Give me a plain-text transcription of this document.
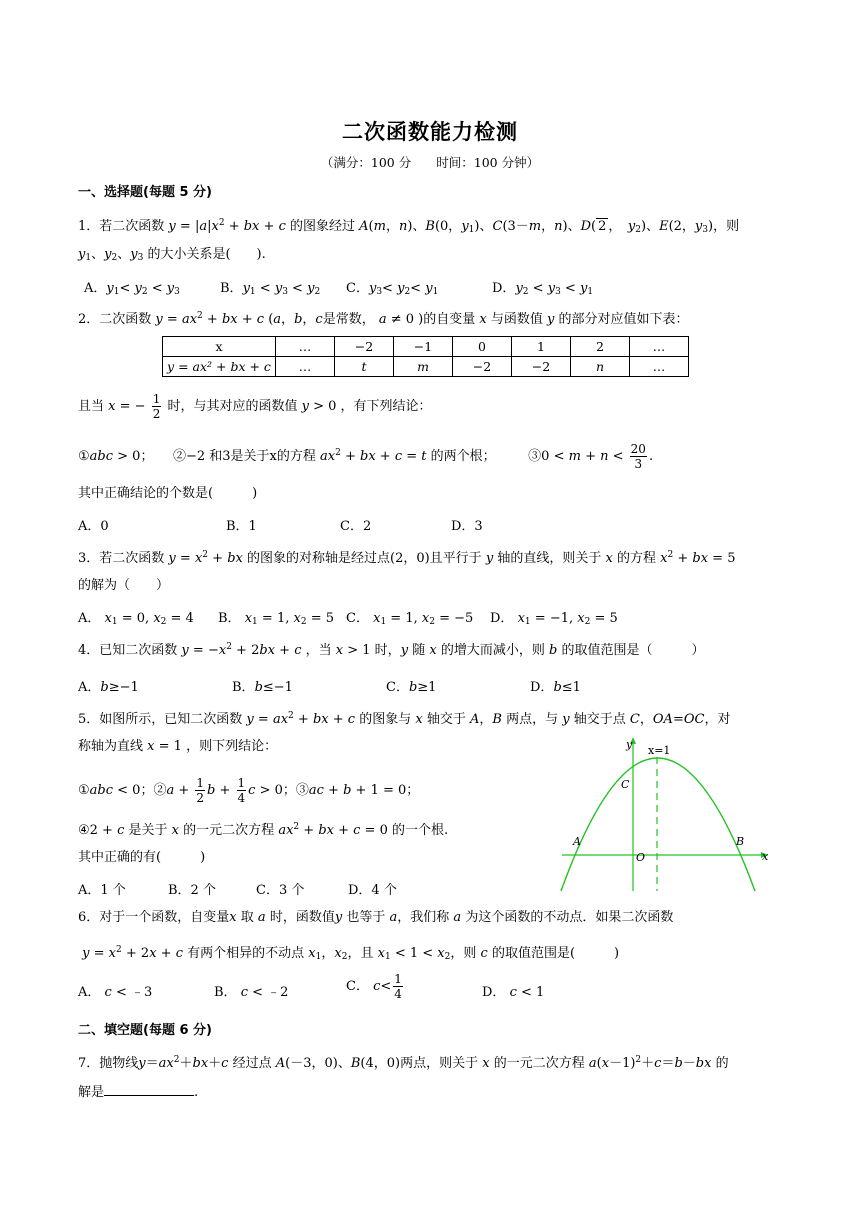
二次函数能力检测
（满分：100 分　　时间：100 分钟）
一、选择题(每题 5 分)
1．若二次函数 $y = |a|x^2$ + bx + c 的图象经过 A(m，n)、B(0，$y_1$)、C(3－m，n)、D( 2 ，　$y_2$)、E(2，$y_3$)，则
$y_1$、$y_2$、$y_3$ 的大小关系是(　　).
A．$y_1< y_2 < y_3$	B．$y_1 < y_3 < y_2$ C．$y_3< y_2< y_1$	D．$y_2 < y_3 < y_1$
2．二次函数 $y = ax^2$ + bx + c (a，b，c是常数， a ≠ 0 )的自变量 x 与函数值 y 的部分对应值如下表：
x	…	−2	−1	0	1	2	…
y = ax² + bx + c	…	t	m	−2	−2	n	…
且当 x = − $\frac{1}{2}$ 时，与其对应的函数值 y > 0 ，有下列结论：
①abc > 0；　　②−2 和3是关于x的方程 $ax^2$ + bx + c = t 的两个根；　　　③0 < $m + n < \frac{20}{3}$ .
其中正确结论的个数是(　　　)
A．0	B．1	C．2	D．3
3．若二次函数 $y = x^2$ + bx 的图象的对称轴是经过点(2，0)且平行于 y 轴的直线，则关于 x 的方程 $x^2$ + bx = 5
的解为（　　）
A． $x_1 = 0$, $x_2 = 4$ B． $x_1 = 1$, $x_2 = 5$ C． $x_1 = 1$, $x_2 = -5$ D． $x_1 = -1$, $x_2 = 5$
4．已知二次函数 $y = -x^2 + 2bx + c$ ，当 x > 1 时，y 随 x 的增大而减小，则 b 的取值范围是（　　　）
A．b≥−1	B．b≤−1	C．b≥1	D．b≤1
5．如图所示，已知二次函数 $y = ax^2$ + bx + c 的图象与 x 轴交于 A，B 两点，与 y 轴交于点 C，OA=OC，对
称轴为直线 x = 1 ，则下列结论：
①abc < 0；②a + $\frac{1}{2}$ $b + \frac{1}{4}$ c > 0；③ac + b + 1 = 0；
④2 + c 是关于 x 的一元二次方程 $ax^2$ + bx + c = 0 的一个根.
其中正确的有(　　　)
A．1 个	B．2 个	C．3 个	D．4 个
y
x
x=1
C
A	B
O
6．对于一个函数，自变量x 取 a 时，函数值y 也等于 a，我们称 a 为这个函数的不动点．如果二次函数
$y = x^2 + 2x + c$ 有两个相异的不动点 $x_1$，$x_2$，且 $x_1 < 1 < x_2$，则 c 的取值范围是(　　　)
A． c < ﹣3	B． c < ﹣2	C． $c< \frac{1}{4}$	D． c < 1
二、填空题(每题 6 分)
7．抛物线$y=ax^2+bx+c$ 经过点 A(－3，0)、B(4，0)两点，则关于 x 的一元二次方程 $a(x-1)^2+c=b-bx$ 的
解是	.
